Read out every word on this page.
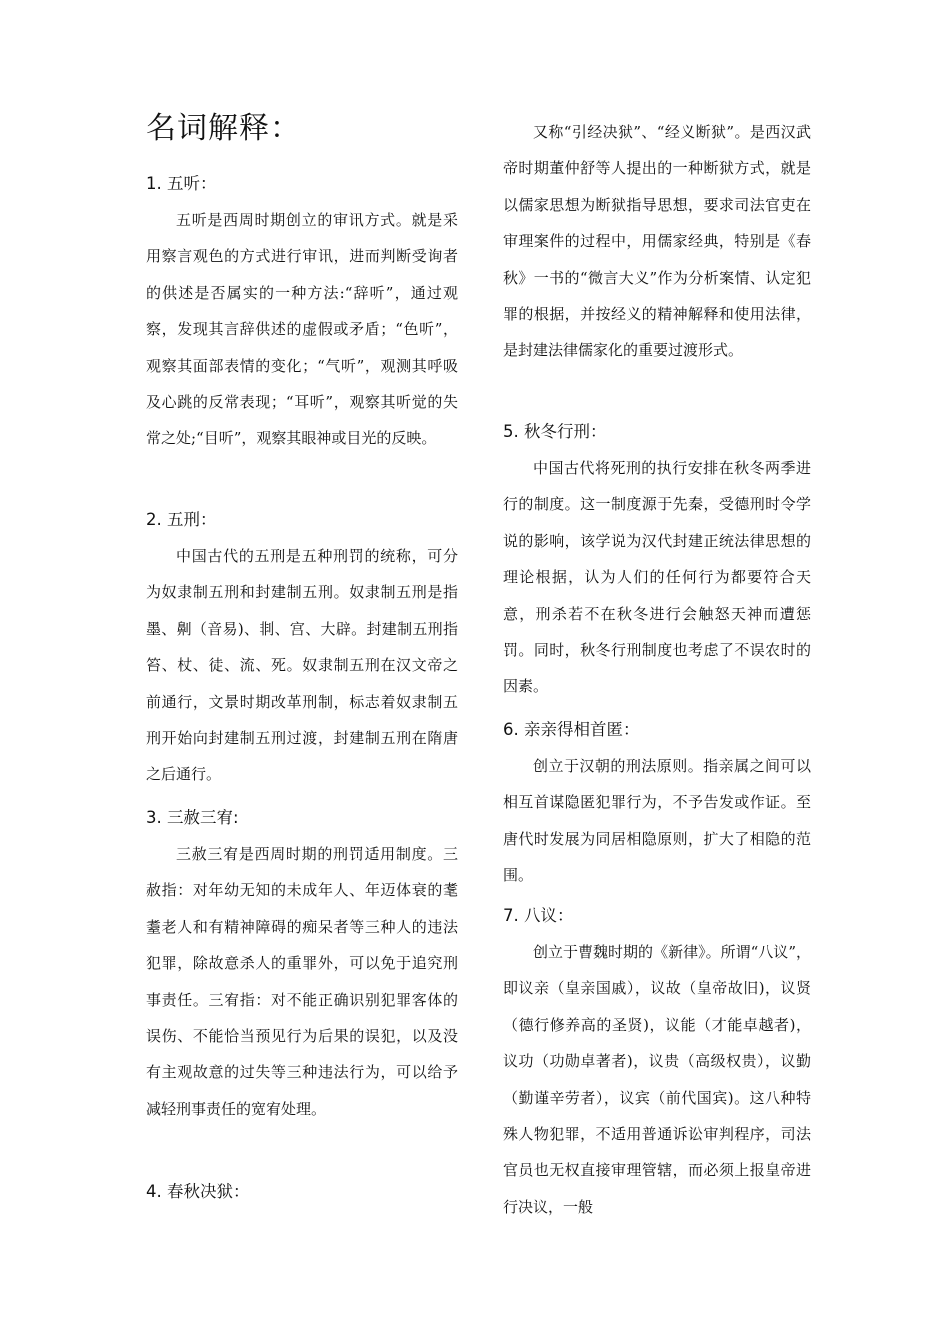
名词解释：
1. 五听：

五听是西周时期创立的审讯方式。就是采用察言观色的方式进行审讯，进而判断受询者的供述是否属实的一种方法:“辞听”，通过观察，发现其言辞供述的虚假或矛盾；“色听”，观察其面部表情的变化；“气听”，观测其呼吸及心跳的反常表现；“耳听”，观察其听觉的失常之处;“目听”，观察其眼神或目光的反映。

2. 五刑：

中国古代的五刑是五种刑罚的统称，可分为奴隶制五刑和封建制五刑。奴隶制五刑是指墨、劓（音易)、剕、宫、大辟。封建制五刑指笞、杖、徒、流、死。奴隶制五刑在汉文帝之前通行，文景时期改革刑制，标志着奴隶制五刑开始向封建制五刑过渡，封建制五刑在隋唐之后通行。

3. 三赦三宥:

三赦三宥是西周时期的刑罚适用制度。三赦指：对年幼无知的未成年人、年迈体衰的耄耋老人和有精神障碍的痴呆者等三种人的违法犯罪，除故意杀人的重罪外，可以免于追究刑事责任。三宥指：对不能正确识别犯罪客体的误伤、不能恰当预见行为后果的误犯，以及没有主观故意的过失等三种违法行为，可以给予减轻刑事责任的宽宥处理。

4. 春秋决狱：

又称“引经决狱”、“经义断狱”。是西汉武帝时期董仲舒等人提出的一种断狱方式，就是以儒家思想为断狱指导思想，要求司法官吏在审理案件的过程中，用儒家经典，特别是《春秋》一书的“微言大义”作为分析案情、认定犯罪的根据，并按经义的精神解释和使用法律，是封建法律儒家化的重要过渡形式。

5. 秋冬行刑：

中国古代将死刑的执行安排在秋冬两季进行的制度。这一制度源于先秦，受德刑时令学说的影响，该学说为汉代封建正统法律思想的理论根据，认为人们的任何行为都要符合天意，刑杀若不在秋冬进行会触怒天神而遭惩罚。同时，秋冬行刑制度也考虑了不误农时的因素。

6. 亲亲得相首匿：

创立于汉朝的刑法原则。指亲属之间可以相互首谋隐匿犯罪行为，不予告发或作证。至唐代时发展为同居相隐原则，扩大了相隐的范围。

7. 八议：

创立于曹魏时期的《新律》。所谓“八议”，即议亲（皇亲国戚），议故（皇帝故旧)，议贤（德行修养高的圣贤)，议能（才能卓越者)，议功（功勋卓著者)，议贵（高级权贵），议勤（勤谨辛劳者），议宾（前代国宾)。这八种特殊人物犯罪，不适用普通诉讼审判程序，司法官员也无权直接审理管辖，而必须上报皇帝进行决议，一般
